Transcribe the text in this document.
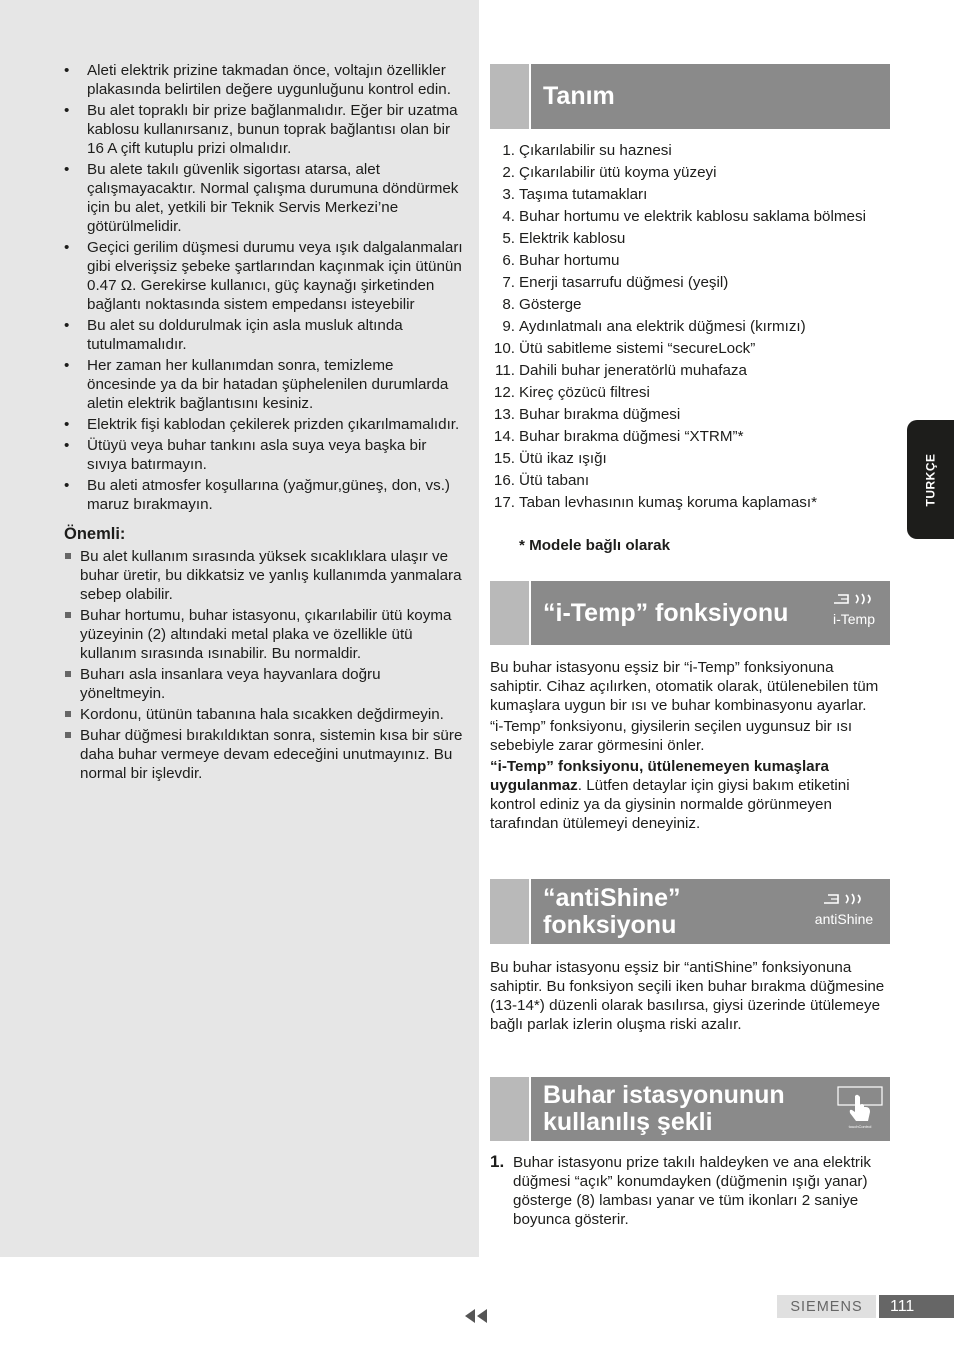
• Aleti elektrik prizine takmadan önce, voltajın özellikler plakasında belirtilen değere uygunluğunu kontrol edin.
• Bu alet topraklı bir prize bağlanmalıdır. Eğer bir uzatma kablosu kullanırsanız, bunun toprak bağlantısı olan bir 16 A çift kutuplu prizi olmalıdır.
• Bu alete takılı güvenlik sigortası atarsa, alet çalışmayacaktır. Normal çalışma durumuna döndürmek için bu alet, yetkili bir Teknik Servis Merkezi’ne götürülmelidir.
• Geçici gerilim düşmesi durumu veya ışık dalgalanmaları gibi elverişsiz şebeke şartlarından kaçınmak için ütünün 0.47 Ω. Gerekirse kullanıcı, güç kaynağı şirketinden bağlantı noktasında sistem empedansı isteyebilir
• Bu alet su doldurulmak için asla musluk altında tutulmamalıdır.
• Her zaman her kullanımdan sonra, temizleme öncesinde ya da bir hatadan şüphelenilen durumlarda aletin elektrik bağlantısını kesiniz.
• Elektrik fişi kablodan çekilerek prizden çıkarılmamalıdır.
• Ütüyü veya buhar tankını asla suya veya başka bir sıvıya batırmayın.
• Bu aleti atmosfer koşullarına (yağmur,güneş, don, vs.) maruz bırakmayın.
Önemli:
Bu alet kullanım sırasında yüksek sıcaklıklara ulaşır ve buhar üretir, bu dikkatsiz ve yanlış kullanımda yanmalara sebep olabilir.
Buhar hortumu, buhar istasyonu, çıkarılabilir ütü koyma yüzeyinin (2) altındaki metal plaka ve özellikle ütü kullanım sırasında ısınabilir. Bu normaldir.
Buharı asla insanlara veya hayvanlara doğru yöneltmeyin.
Kordonu, ütünün tabanına hala sıcakken değdirmeyin.
Buhar düğmesi bırakıldıktan sonra, sistemin kısa bir süre daha buhar vermeye devam edeceğini unutmayınız. Bu normal bir işlevdir.
Tanım
1. Çıkarılabilir su haznesi
2. Çıkarılabilir ütü koyma yüzeyi
3. Taşıma tutamakları
4. Buhar hortumu ve elektrik kablosu saklama bölmesi
5. Elektrik kablosu
6. Buhar hortumu
7. Enerji tasarrufu düğmesi (yeşil)
8. Gösterge
9. Aydınlatmalı ana elektrik düğmesi (kırmızı)
10. Ütü sabitleme sistemi “secureLock”
11. Dahili buhar jeneratörlü muhafaza
12. Kireç çözücü filtresi
13. Buhar bırakma düğmesi
14. Buhar bırakma düğmesi “XTRM”*
15. Ütü ikaz ışığı
16. Ütü tabanı
17. Taban levhasının kumaş koruma kaplaması*
* Modele bağlı olarak
“i-Temp” fonksiyonu	i-Temp

Bu buhar istasyonu eşsiz bir “i-Temp” fonksiyonuna sahiptir. Cihaz açılırken, otomatik olarak, ütülenebilen tüm kumaşlara uygun bir ısı ve buhar kombinasyonu ayarlar.

“i-Temp” fonksiyonu, giysilerin seçilen uygunsuz bir ısı sebebiyle zarar görmesini önler.

“i-Temp” fonksiyonu, ütülenemeyen kumaşlara uygulanmaz. Lütfen detaylar için giysi bakım etiketini kontrol ediniz ya da giysinin normalde görünmeyen tarafından ütülemeyi deneyiniz.

“antiShine”
fonksiyonu	antiShine

Bu buhar istasyonu eşsiz bir “antiShine” fonksiyonuna sahiptir. Bu fonksiyon seçili iken buhar bırakma düğmesine (13-14*) düzenli olarak basılırsa, giysi üzerinde ütülemeye bağlı parlak izlerin oluşma riski azalır.

Buhar istasyonunun
kullanılış şekli	touchControl
1. Buhar istasyonu prize takılı haldeyken ve ana elektrik düğmesi “açık” konumdayken (düğmenin ışığı yanar) gösterge (8) lambası yanar ve tüm ikonları 2 saniye boyunca gösterir.
TURKÇE
SIEMENS	111
